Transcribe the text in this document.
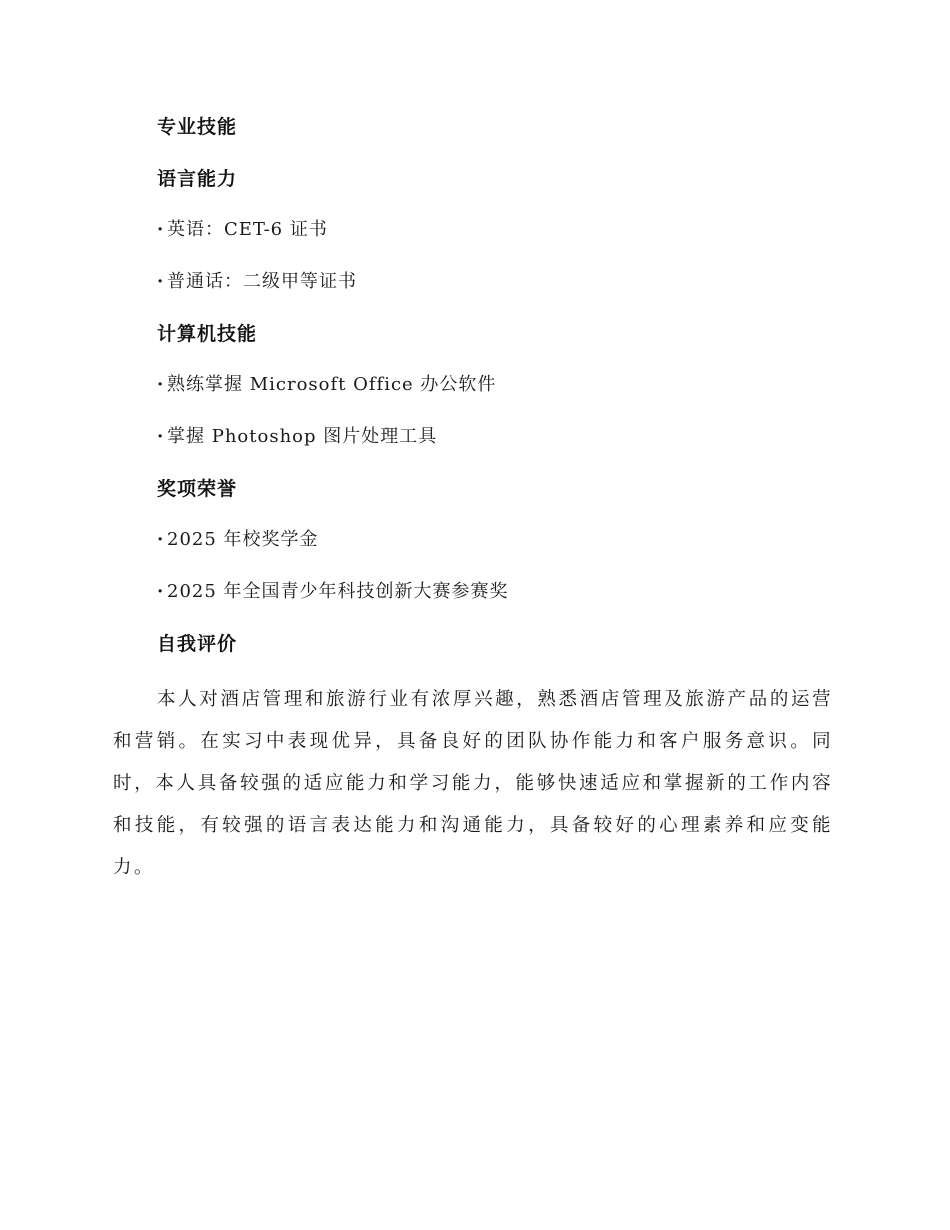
专业技能
语言能力
· 英语：CET-6 证书
· 普通话：二级甲等证书
计算机技能
· 熟练掌握 Microsoft Office 办公软件
· 掌握 Photoshop 图片处理工具
奖项荣誉
· 2025 年校奖学金
· 2025 年全国青少年科技创新大赛参赛奖
自我评价
本人对酒店管理和旅游行业有浓厚兴趣，熟悉酒店管理及旅游产品的运营和营销。在实习中表现优异，具备良好的团队协作能力和客户服务意识。同时，本人具备较强的适应能力和学习能力，能够快速适应和掌握新的工作内容和技能，有较强的语言表达能力和沟通能力，具备较好的心理素养和应变能力。
